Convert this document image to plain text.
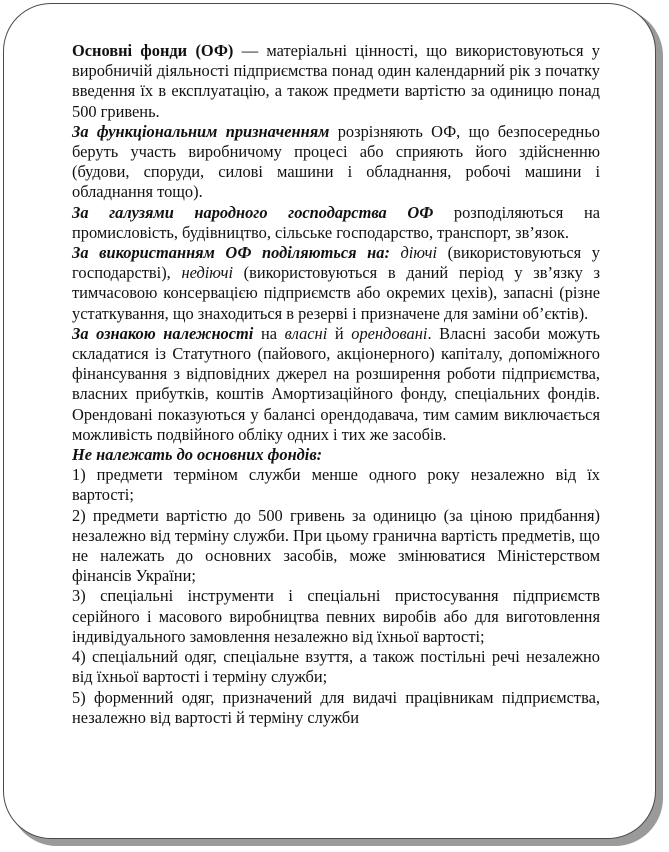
Основні фонди (ОФ) — матеріальні цінності, що використовуються у виробничій діяльності підприємства понад один календарний рік з початку введення їх в експлуатацію, а також предмети вартістю за одиницю понад 500 гривень.

За функціональним призначенням розрізняють ОФ, що безпосередньо беруть участь виробничому процесі або сприяють його здійсненню (будови, споруди, силові машини і обладнання, робочі машини і обладнання тощо).

За галузями народного господарства ОФ розподіляються на промисловість, будівництво, сільське господарство, транспорт, зв’язок.

За використанням ОФ поділяються на: діючі (використовуються у господарстві), недіючі (використовуються в даний період у зв’язку з тимчасовою консервацією підприємств або окремих цехів), запасні (різне устаткування, що знаходиться в резерві і призначене для заміни об’єктів).

За ознакою належності на власні й орендовані. Власні засоби можуть складатися із Статутного (пайового, акціонерного) капіталу, допоміжного фінансування з відповідних джерел на розширення роботи підприємства, власних прибутків, коштів Амортизаційного фонду, спеціальних фондів. Орендовані показуються у балансі орендодавача, тим самим виключається можливість подвійного обліку одних і тих же засобів.

Не належать до основних фондів:

1) предмети терміном служби менше одного року незалежно від їх вартості;

2) предмети вартістю до 500 гривень за одиницю (за ціною придбання) незалежно від терміну служби. При цьому гранична вартість предметів, що не належать до основних засобів, може змінюватися Міністерством фінансів України;

3) спеціальні інструменти і спеціальні пристосування підприємств серійного і масового виробництва певних виробів або для виготовлення індивідуального замовлення незалежно від їхньої вартості;

4) спеціальний одяг, спеціальне взуття, а також постільні речі незалежно від їхньої вартості і терміну служби;

5) форменний одяг, призначений для видачі працівникам підприємства, незалежно від вартості й терміну служби
